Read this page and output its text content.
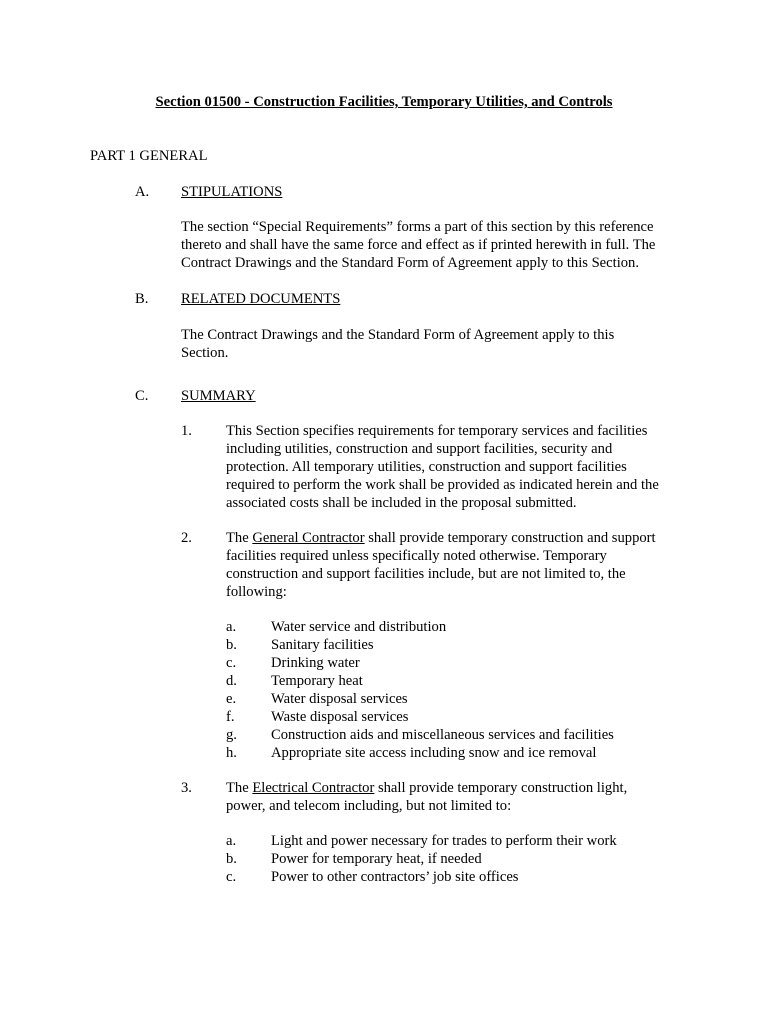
Section 01500 - Construction Facilities, Temporary Utilities, and Controls
PART 1 GENERAL
A. STIPULATIONS
The section “Special Requirements” forms a part of this section by this reference
thereto and shall have the same force and effect as if printed herewith in full. The
Contract Drawings and the Standard Form of Agreement apply to this Section.
B. RELATED DOCUMENTS
The Contract Drawings and the Standard Form of Agreement apply to this
Section.
C. SUMMARY
1. This Section specifies requirements for temporary services and facilities
including utilities, construction and support facilities, security and
protection. All temporary utilities, construction and support facilities
required to perform the work shall be provided as indicated herein and the
associated costs shall be included in the proposal submitted.
2. The General Contractor shall provide temporary construction and support
facilities required unless specifically noted otherwise. Temporary
construction and support facilities include, but are not limited to, the
following:
a.
b.
c.
d.
e.
f.
g.
h.
Water service and distribution
Sanitary facilities
Drinking water
Temporary heat
Water disposal services
Waste disposal services
Construction aids and miscellaneous services and facilities
Appropriate site access including snow and ice removal
3. The Electrical Contractor shall provide temporary construction light,
power, and telecom including, but not limited to:
a.
b.
c.
Light and power necessary for trades to perform their work
Power for temporary heat, if needed
Power to other contractors’ job site offices
